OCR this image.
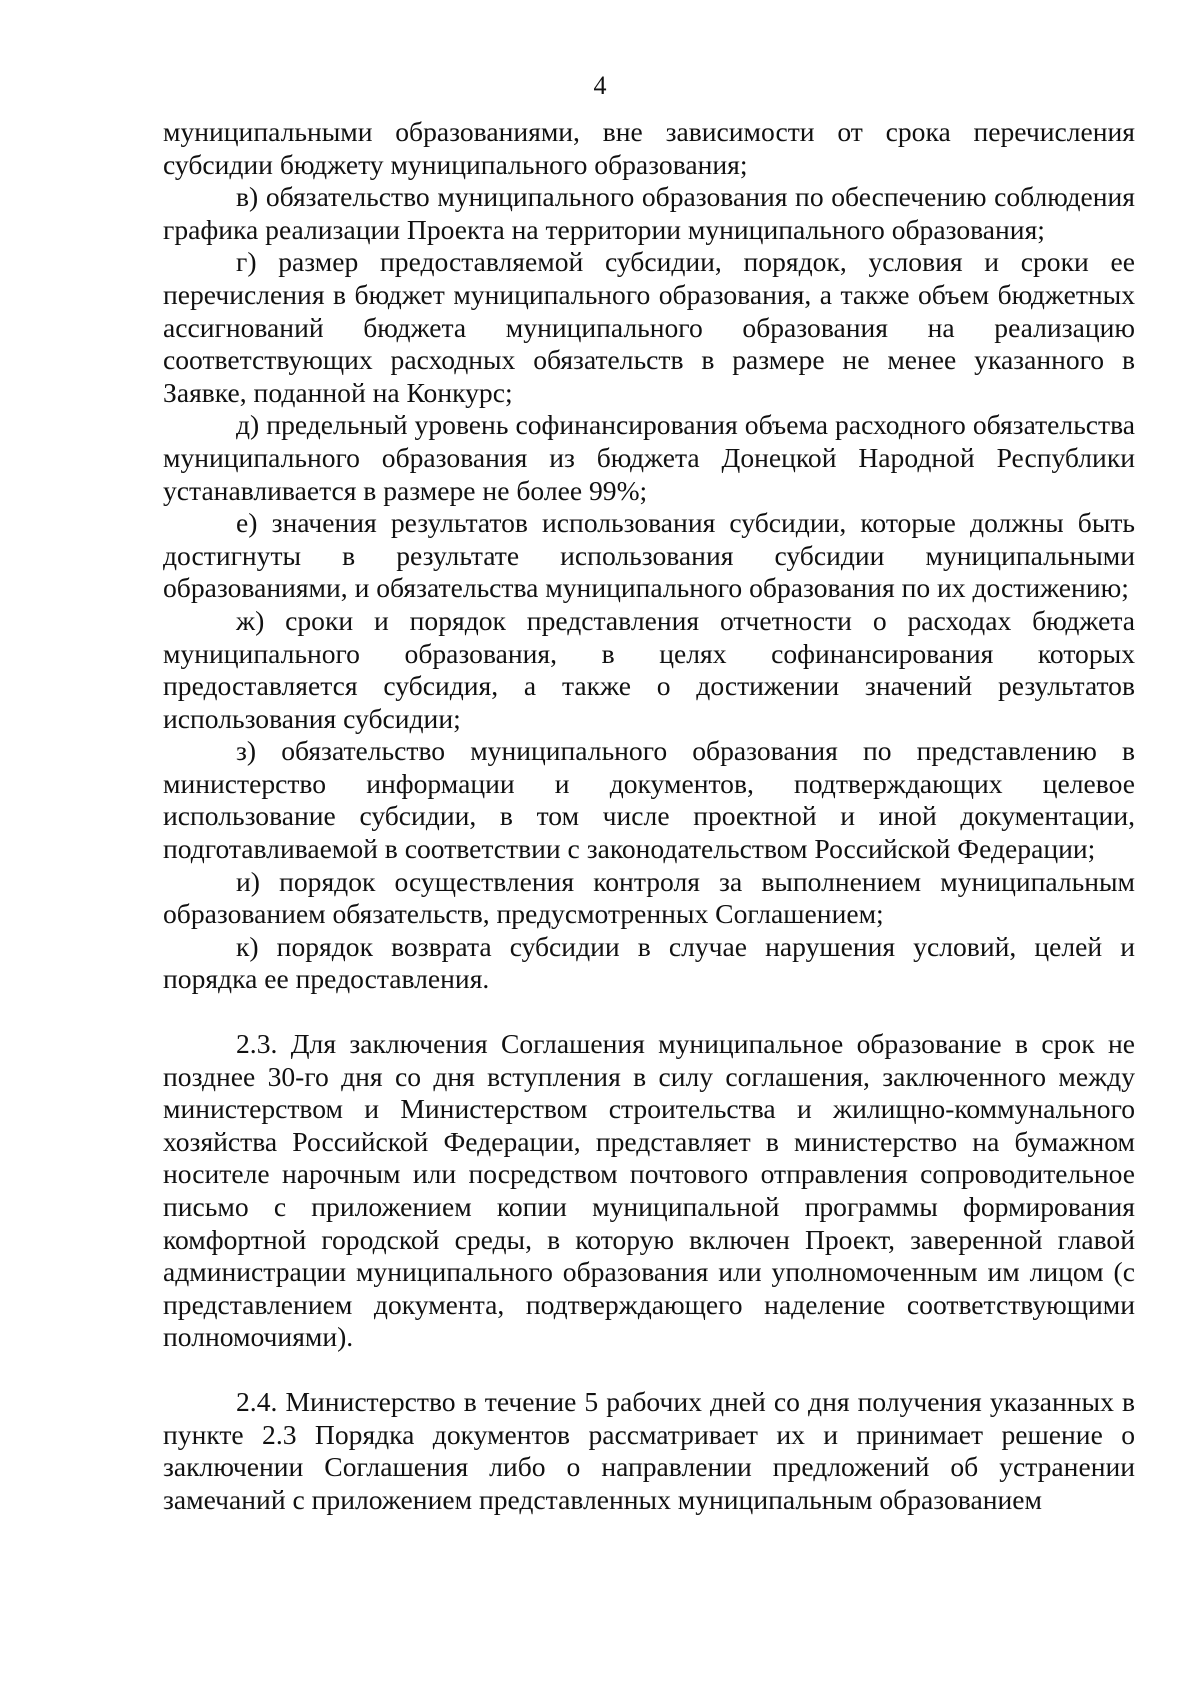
4

муниципальными образованиями, вне зависимости от срока перечисления субсидии бюджету муниципального образования;

в) обязательство муниципального образования по обеспечению соблюдения графика реализации Проекта на территории муниципального образования;

г) размер предоставляемой субсидии, порядок, условия и сроки ее перечисления в бюджет муниципального образования, а также объем бюджетных ассигнований бюджета муниципального образования на реализацию соответствующих расходных обязательств в размере не менее указанного в Заявке, поданной на Конкурс;

д) предельный уровень софинансирования объема расходного обязательства муниципального образования из бюджета Донецкой Народной Республики устанавливается в размере не более 99%;

е) значения результатов использования субсидии, которые должны быть достигнуты в результате использования субсидии муниципальными образованиями, и обязательства муниципального образования по их достижению;

ж) сроки и порядок представления отчетности о расходах бюджета муниципального образования, в целях софинансирования которых предоставляется субсидия, а также о достижении значений результатов использования субсидии;

з) обязательство муниципального образования по представлению в министерство информации и документов, подтверждающих целевое использование субсидии, в том числе проектной и иной документации, подготавливаемой в соответствии с законодательством Российской Федерации;

и) порядок осуществления контроля за выполнением муниципальным образованием обязательств, предусмотренных Соглашением;

к) порядок возврата субсидии в случае нарушения условий, целей и порядка ее предоставления.

2.3. Для заключения Соглашения муниципальное образование в срок не позднее 30-го дня со дня вступления в силу соглашения, заключенного между министерством и Министерством строительства и жилищно-коммунального хозяйства Российской Федерации, представляет в министерство на бумажном носителе нарочным или посредством почтового отправления сопроводительное письмо с приложением копии муниципальной программы формирования комфортной городской среды, в которую включен Проект, заверенной главой администрации муниципального образования или уполномоченным им лицом (с представлением документа, подтверждающего наделение соответствующими полномочиями).

2.4. Министерство в течение 5 рабочих дней со дня получения указанных в пункте 2.3 Порядка документов рассматривает их и принимает решение о заключении Соглашения либо о направлении предложений об устранении замечаний с приложением представленных муниципальным образованием
